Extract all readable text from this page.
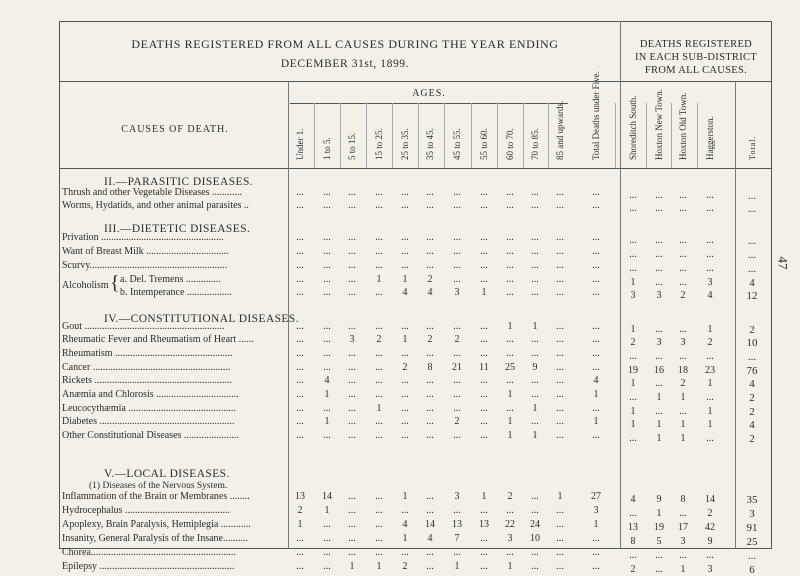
DEATHS REGISTERED FROM ALL CAUSES DURING THE YEAR ENDING
DECEMBER 31st, 1899.
DEATHS REGISTERED
IN EACH SUB-DISTRICT
FROM ALL CAUSES.
47
AGES.
CAUSES OF DEATH.	Under 1. 1 to 5. 5 to 15. 15 to 25. 25 to 35. 35 to 45. 45 to 55. 55 to 60. 60 to 70. 70 to 85. 85 and upwards.	Total Deaths under Five.	Shoreditch South. Hoxton New Town. Hoxton Old Town. Haggerston.	Total.
II.—PARASITIC DISEASES.
III.—DIETETIC DISEASES.
IV.—CONSTITUTIONAL DISEASES.
V.—LOCAL DISEASES.
(1) Diseases of the Nervous System.
Alcoholism {
Thrush and other Vegetable Diseases ............	...	...	...	...	...	...	...	...	...	...	...	...	...	...	...	...	...
Worms, Hydatids, and other animal parasites ..	...	...	...	...	...	...	...	...	...	...	...	...	...	...	...	...	...
Privation .................................................	...	...	...	...	...	...	...	...	...	...	...	...	...	...	...	...	...
Want of Breast Milk .................................	...	...	...	...	...	...	...	...	...	...	...	...	...	...	...	...	...
Scurvy.......................................................	...	...	...	...	...	...	...	...	...	...	...	...	...	...	...	...	...
a. Del. Tremens ..............	...	...	...	1	1	2	...	...	...	...	...	...	1	...	...	3	4
b. Intemperance ..................	...	...	...	...	4	4	3	1	...	...	...	...	3	3	2	4	12
Gout ........................................................	...	...	...	...	...	...	...	...	1	1	...	...	1	...	...	1	2
Rheumatic Fever and Rheumatism of Heart ......	...	...	3	2	1	2	2	...	...	...	...	...	2	3	3	2	10
Rheumatism ...............................................	...	...	...	...	...	...	...	...	...	...	...	...	...	...	...	...	...
Cancer .......................................................	...	...	...	...	2	8	21	11	25	9	...	...	19	16	18	23	76
Rickets .......................................................	...	4	...	...	...	...	...	...	...	...	...	4	1	...	2	1	4
Anæmia and Chlorosis .................................	...	1	...	...	...	...	...	...	1	...	...	1	...	1	1	...	2
Leucocythæmia ...........................................	...	...	...	1	...	...	...	...	...	1	...	...	1	...	...	1	2
Diabetes ......................................................	...	1	...	...	...	...	2	...	1	...	...	1	1	1	1	1	4
Other Constitutional Diseases ......................	...	...	...	...	...	...	...	...	1	1	...	...	...	1	1	...	2
Inflammation of the Brain or Membranes ........	13	14	...	...	1	...	3	1	2	...	1	27	4	9	8	14	35
Hydrocephalus ..........................................	2	1	...	...	...	...	...	...	...	...	...	3	...	1	...	2	3
Apoplexy, Brain Paralysis, Hemiplegia ............	1	...	...	...	4	14	13	13	22	24	...	1	13	19	17	42	91
Insanity, General Paralysis of the Insane..........	...	...	...	...	1	4	7	...	3	10	...	...	8	5	3	9	25
Chorea..........................................................	...	...	...	...	...	...	...	...	...	...	...	...	...	...	...	...	...
Epilepsy ......................................................	...	...	1	1	2	...	1	...	1	...	...	...	2	...	1	3	6
